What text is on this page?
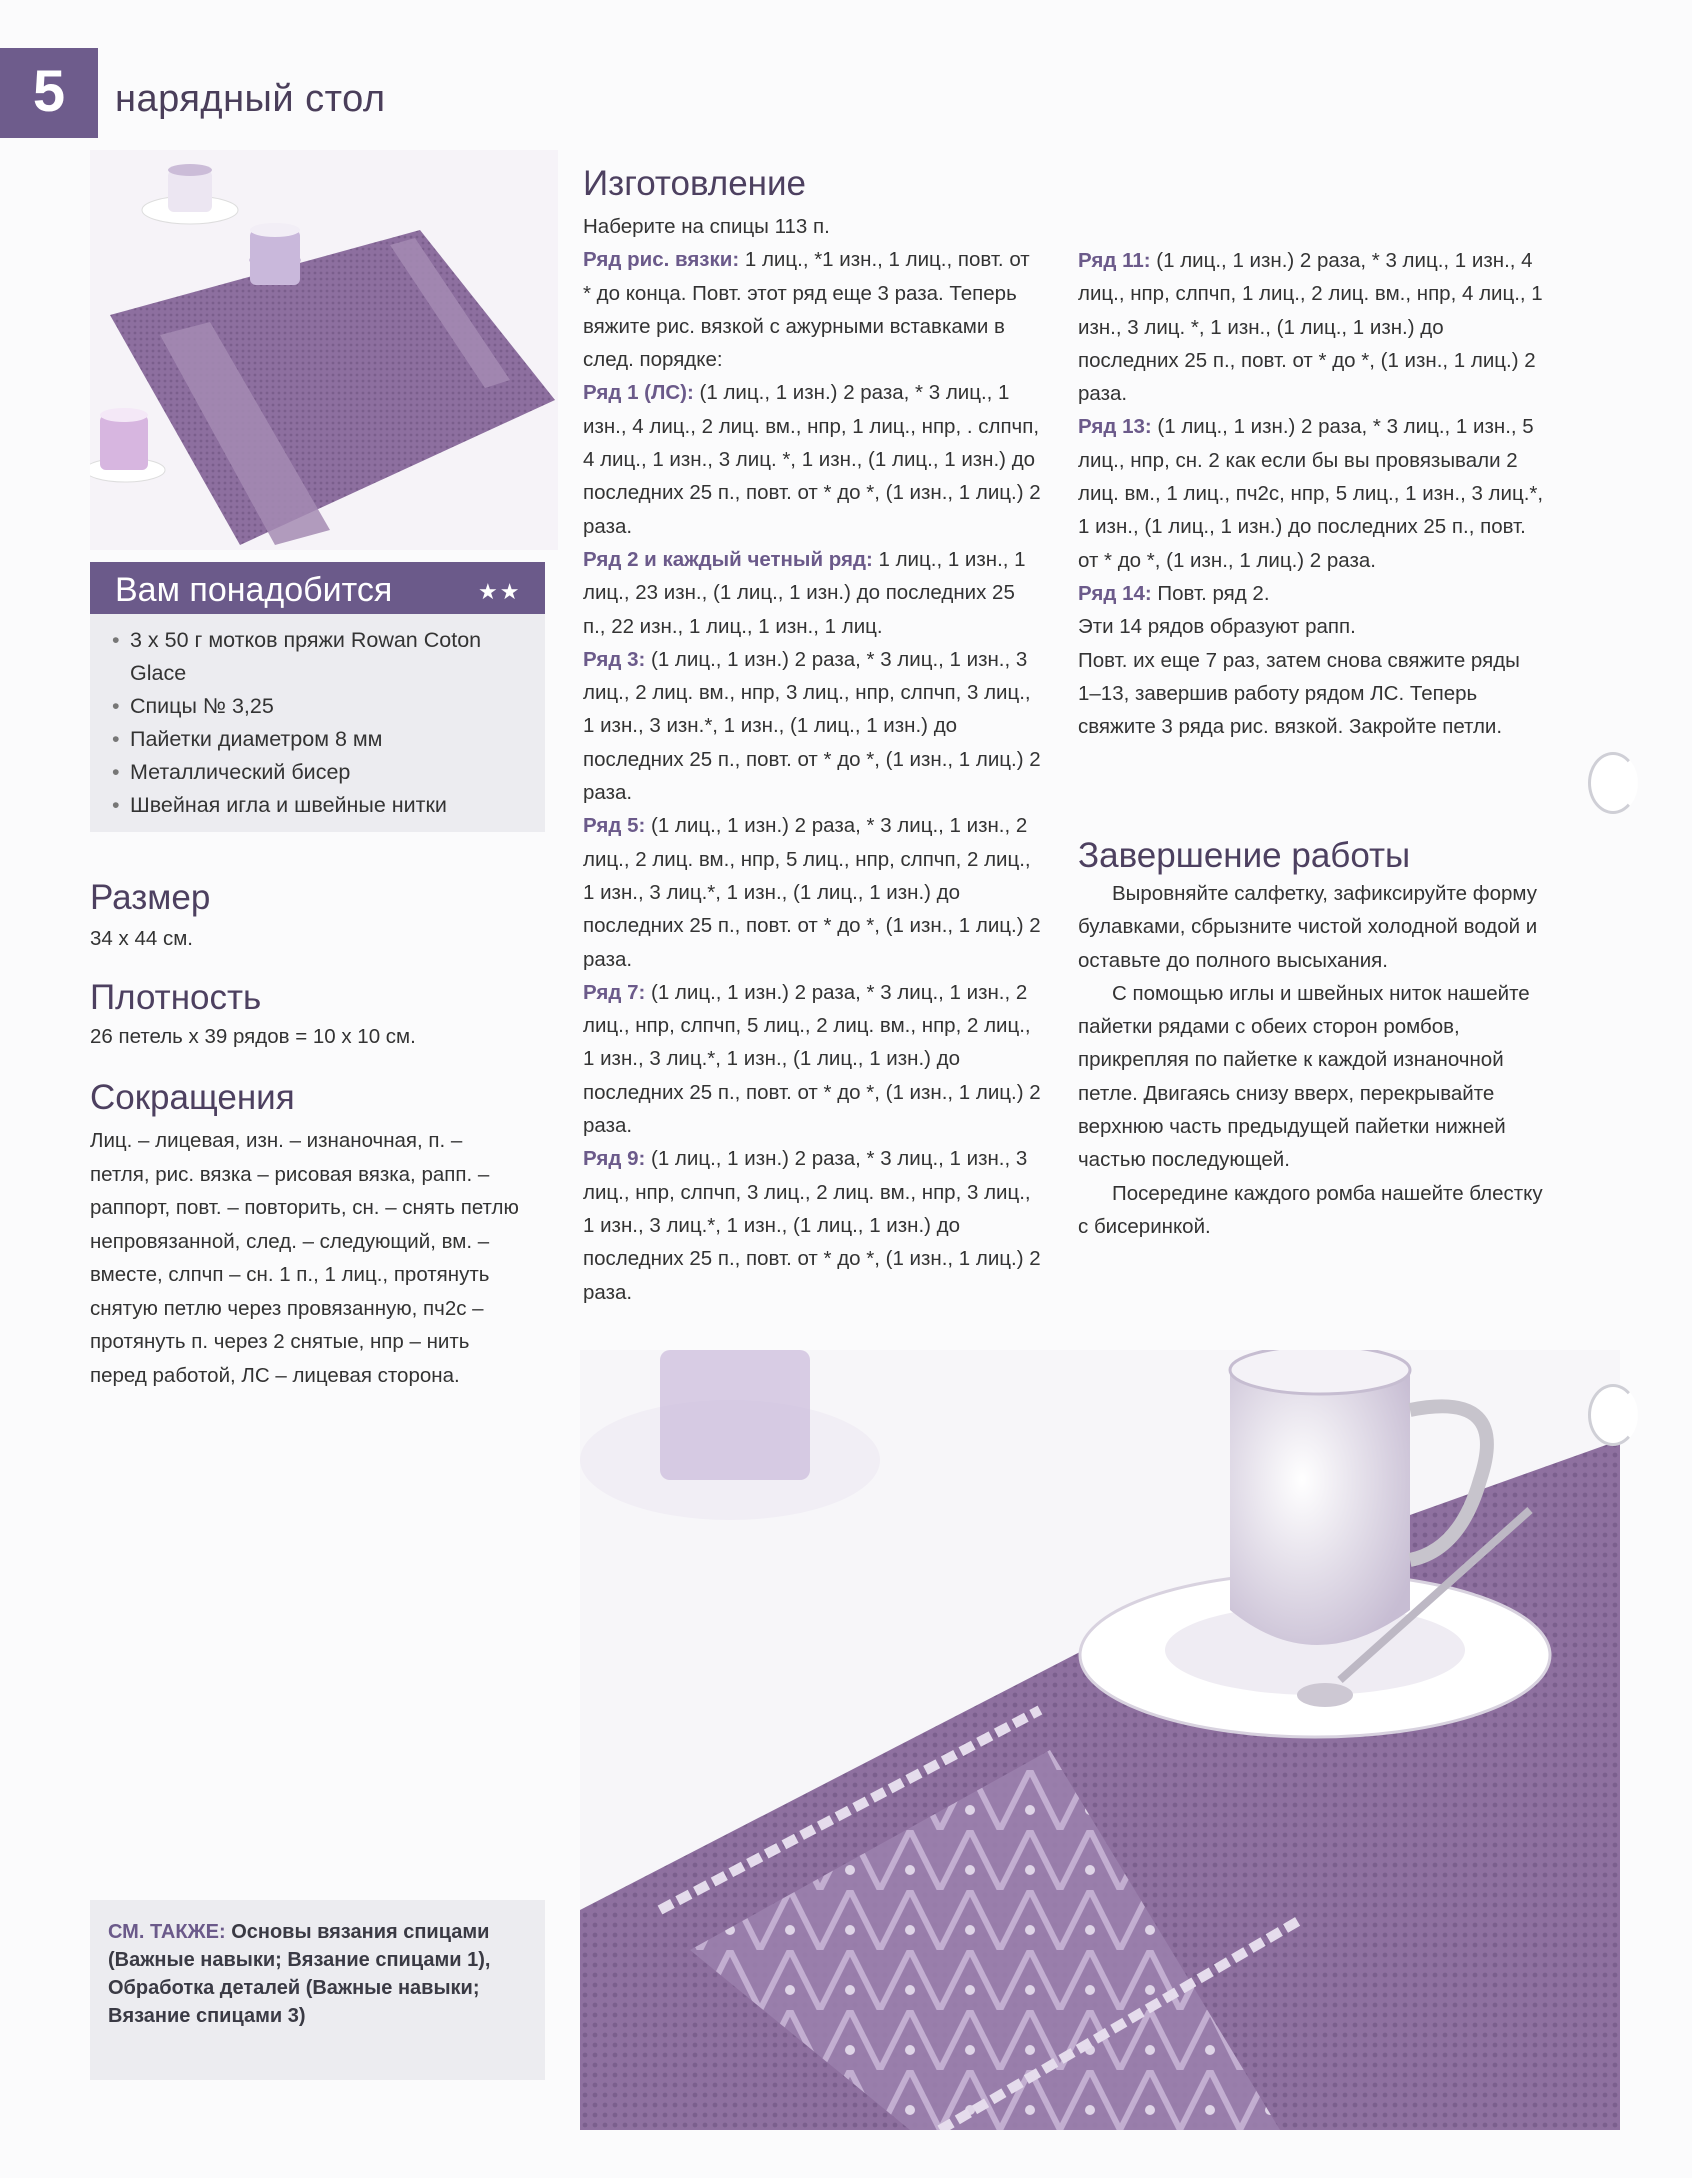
5	нарядный стол
Вам понадобится	★★
• 3 х 50 г мотков пряжи Rowan Coton Glace
• Спицы № 3,25
• Пайетки диаметром 8 мм
• Металлический бисер
• Швейная игла и швейные нитки
Размер
34 х 44 см.
Плотность
26 петель х 39 рядов = 10 х 10 см.
Сокращения
Лиц. – лицевая, изн. – изнаночная, п. – петля, рис. вязка – рисовая вязка, рапп. – раппорт, повт. – повторить, сн. – снять петлю непровязанной, след. – следующий, вм. – вместе, слпчп – сн. 1 п., 1 лиц., протянуть снятую петлю через провязанную, пч2с – протянуть п. через 2 снятые, нпр – нить перед работой, ЛС – лицевая сторона.
СМ. ТАКЖЕ: Основы вязания спицами (Важные навыки; Вязание спицами 1), Обработка деталей (Важные навыки; Вязание спицами 3)
Изготовление

Наберите на спицы 113 п.

Ряд рис. вязки: 1 лиц., *1 изн., 1 лиц., повт. от * до конца. Повт. этот ряд еще 3 раза. Теперь вяжите рис. вязкой с ажурными вставками в след. порядке:

Ряд 1 (ЛС): (1 лиц., 1 изн.) 2 раза, * 3 лиц., 1 изн., 4 лиц., 2 лиц. вм., нпр, 1 лиц., нпр, . слпчп, 4 лиц., 1 изн., 3 лиц. *, 1 изн., (1 лиц., 1 изн.) до последних 25 п., повт. от * до *, (1 изн., 1 лиц.) 2 раза.

Ряд 2 и каждый четный ряд: 1 лиц., 1 изн., 1 лиц., 23 изн., (1 лиц., 1 изн.) до последних 25 п., 22 изн., 1 лиц., 1 изн., 1 лиц.

Ряд 3: (1 лиц., 1 изн.) 2 раза, * 3 лиц., 1 изн., 3 лиц., 2 лиц. вм., нпр, 3 лиц., нпр, слпчп, 3 лиц., 1 изн., 3 изн.*, 1 изн., (1 лиц., 1 изн.) до последних 25 п., повт. от * до *, (1 изн., 1 лиц.) 2 раза.

Ряд 5: (1 лиц., 1 изн.) 2 раза, * 3 лиц., 1 изн., 2 лиц., 2 лиц. вм., нпр, 5 лиц., нпр, слпчп, 2 лиц., 1 изн., 3 лиц.*, 1 изн., (1 лиц., 1 изн.) до последних 25 п., повт. от * до *, (1 изн., 1 лиц.) 2 раза.

Ряд 7: (1 лиц., 1 изн.) 2 раза, * 3 лиц., 1 изн., 2 лиц., нпр, слпчп, 5 лиц., 2 лиц. вм., нпр, 2 лиц., 1 изн., 3 лиц.*, 1 изн., (1 лиц., 1 изн.) до последних 25 п., повт. от * до *, (1 изн., 1 лиц.) 2 раза.

Ряд 9: (1 лиц., 1 изн.) 2 раза, * 3 лиц., 1 изн., 3 лиц., нпр, слпчп, 3 лиц., 2 лиц. вм., нпр, 3 лиц., 1 изн., 3 лиц.*, 1 изн., (1 лиц., 1 изн.) до последних 25 п., повт. от * до *, (1 изн., 1 лиц.) 2 раза.

Ряд 11: (1 лиц., 1 изн.) 2 раза, * 3 лиц., 1 изн., 4 лиц., нпр, слпчп, 1 лиц., 2 лиц. вм., нпр, 4 лиц., 1 изн., 3 лиц. *, 1 изн., (1 лиц., 1 изн.) до последних 25 п., повт. от * до *, (1 изн., 1 лиц.) 2 раза.

Ряд 13: (1 лиц., 1 изн.) 2 раза, * 3 лиц., 1 изн., 5 лиц., нпр, сн. 2 как если бы вы провязывали 2 лиц. вм., 1 лиц., пч2с, нпр, 5 лиц., 1 изн., 3 лиц.*, 1 изн., (1 лиц., 1 изн.) до последних 25 п., повт. от * до *, (1 изн., 1 лиц.) 2 раза.

Ряд 14: Повт. ряд 2.

Эти 14 рядов образуют рапп.

Повт. их еще 7 раз, затем снова свяжите ряды 1–13, завершив работу рядом ЛС. Теперь свяжите 3 ряда рис. вязкой. Закройте петли.

Завершение работы

Выровняйте салфетку, зафиксируйте форму булавками, сбрызните чистой холодной водой и оставьте до полного высыхания.

С помощью иглы и швейных ниток нашейте пайетки рядами с обеих сторон ромбов, прикрепляя по пайетке к каждой изнаночной петле. Двигаясь снизу вверх, перекрывайте верхнюю часть предыдущей пайетки нижней частью последующей.

Посередине каждого ромба нашейте блестку с бисеринкой.
